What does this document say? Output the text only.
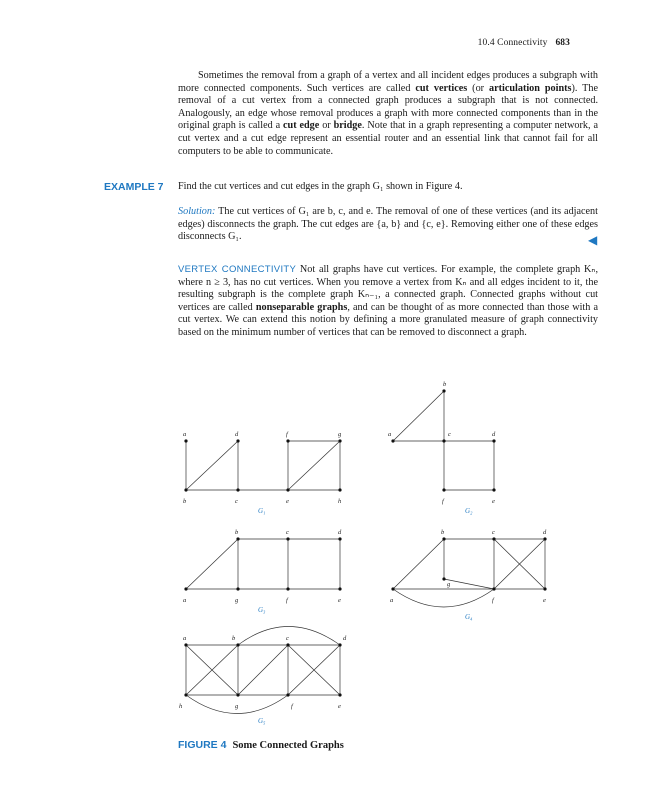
10.4 Connectivity 683
Sometimes the removal from a graph of a vertex and all incident edges produces a subgraph with more connected components. Such vertices are called cut vertices (or articulation points). The removal of a cut vertex from a connected graph produces a subgraph that is not connected. Analogously, an edge whose removal produces a graph with more connected components than in the original graph is called a cut edge or bridge. Note that in a graph representing a computer network, a cut vertex and a cut edge represent an essential router and an essential link that cannot fail for all computers to be able to communicate.
EXAMPLE 7 Find the cut vertices and cut edges in the graph G₁ shown in Figure 4.
Solution: The cut vertices of G₁ are b, c, and e. The removal of one of these vertices (and its adjacent edges) disconnects the graph. The cut edges are {a, b} and {c, e}. Removing either one of these edges disconnects G₁.	◀
VERTEX CONNECTIVITY Not all graphs have cut vertices. For example, the complete graph Kₙ, where n ≥ 3, has no cut vertices. When you remove a vertex from Kₙ and all edges incident to it, the resulting subgraph is the complete graph Kₙ₋₁, a connected graph. Connected graphs without cut vertices are called nonseparable graphs, and can be thought of as more connected than those with a cut vertex. We can extend this notion by defining a more granulated measure of graph connectivity based on the minimum number of vertices that can be removed to disconnect a graph.
a	d	f	g
b	c	e	h
G₁
b
a	c	d
f	e
G₂
b	c	d
a	g	f	e
G₃
b	c	d
a
g
f	e
G₄
a	b	c	d
h	g	f	e
G₅
FIGURE 4 Some Connected Graphs
